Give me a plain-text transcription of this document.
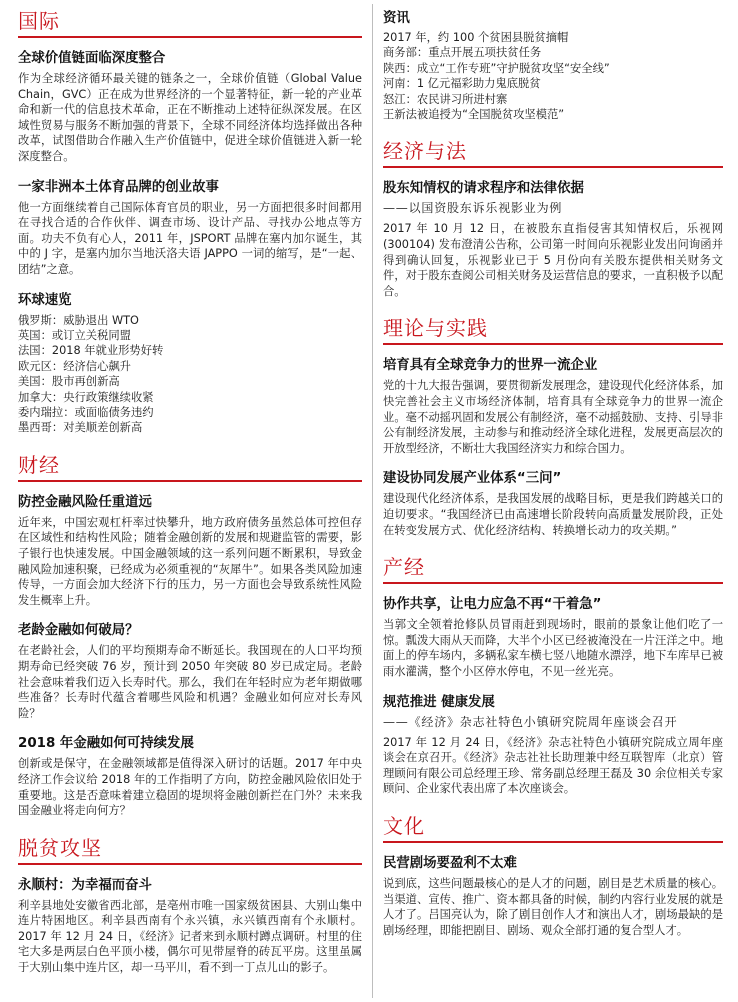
国际
全球价值链面临深度整合
作为全球经济循环最关键的链条之一，全球价值链（Global Value Chain，GVC）正在成为世界经济的一个显著特征，新一轮的产业革命和新一代的信息技术革命，正在不断推动上述特征纵深发展。在区域性贸易与服务不断加强的背景下，全球不同经济体均选择做出各种改革，试图借助合作融入生产价值链中，促进全球价值链进入新一轮深度整合。
一家非洲本土体育品牌的创业故事
他一方面继续着自己国际体育官员的职业，另一方面把很多时间都用在寻找合适的合作伙伴、调查市场、设计产品、寻找办公地点等方面。功夫不负有心人，2011 年，JSPORT 品牌在塞内加尔诞生，其中的 J 字，是塞内加尔当地沃洛夫语 JAPPO 一词的缩写，是“一起、团结”之意。
环球速览
俄罗斯：威胁退出 WTO
英国：或订立关税同盟
法国：2018 年就业形势好转
欧元区：经济信心飙升
美国：股市再创新高
加拿大：央行政策继续收紧
委内瑞拉：或面临债务违约
墨西哥：对美顺差创新高
财经
防控金融风险任重道远
近年来，中国宏观杠杆率过快攀升，地方政府债务虽然总体可控但存在区域性和结构性风险；随着金融创新的发展和规避监管的需要，影子银行也快速发展。中国金融领域的这一系列问题不断累积，导致金融风险加速积聚，已经成为必须重视的“灰犀牛”。如果各类风险加速传导，一方面会加大经济下行的压力，另一方面也会导致系统性风险发生概率上升。
老龄金融如何破局？
在老龄社会，人们的平均预期寿命不断延长。我国现在的人口平均预期寿命已经突破 76 岁，预计到 2050 年突破 80 岁已成定局。老龄社会意味着我们迈入长寿时代。那么，我们在年轻时应为老年期做哪些准备？长寿时代蕴含着哪些风险和机遇？金融业如何应对长寿风险？
2018 年金融如何可持续发展
创新或是保守，在金融领域都是值得深入研讨的话题。2017 年中央经济工作会议给 2018 年的工作指明了方向，防控金融风险依旧处于重要地。这是否意味着建立稳固的堤坝将金融创新拦在门外？未来我国金融业将走向何方？
脱贫攻坚
永顺村：为幸福而奋斗
利辛县地处安徽省西北部，是亳州市唯一国家级贫困县、大别山集中连片特困地区。利辛县西南有个永兴镇，永兴镇西南有个永顺村。2017 年 12 月 24 日，《经济》记者来到永顺村蹲点调研。村里的住宅大多是两层白色平顶小楼，偶尔可见带屋脊的砖瓦平房。这里虽属于大别山集中连片区，却一马平川，看不到一丁点儿山的影子。
资讯
2017 年，约 100 个贫困县脱贫摘帽
商务部：重点开展五项扶贫任务
陕西：成立“工作专班”守护脱贫攻坚“安全线”
河南：1 亿元福彩助力鬼底脱贫
怒江：农民讲习所进村寨
王新法被追授为“全国脱贫攻坚模范”
经济与法
股东知情权的请求程序和法律依据
——以国资股东诉乐视影业为例
2017 年 10 月 12 日，在被股东直指侵害其知情权后，乐视网(300104) 发布澄清公告称，公司第一时间向乐视影业发出问询函并得到确认回复，乐视影业已于 5 月份向有关股东提供相关财务文件，对于股东查阅公司相关财务及运营信息的要求，一直积极予以配合。
理论与实践
培育具有全球竞争力的世界一流企业
党的十九大报告强调，要贯彻新发展理念，建设现代化经济体系，加快完善社会主义市场经济体制，培育具有全球竞争力的世界一流企业。毫不动摇巩固和发展公有制经济，毫不动摇鼓励、支持、引导非公有制经济发展，主动参与和推动经济全球化进程，发展更高层次的开放型经济，不断壮大我国经济实力和综合国力。
建设协同发展产业体系“三问”
建设现代化经济体系，是我国发展的战略目标，更是我们跨越关口的迫切要求。“我国经济已由高速增长阶段转向高质量发展阶段，正处在转变发展方式、优化经济结构、转换增长动力的攻关期。”
产经
协作共享，让电力应急不再“干着急”
当郭文全领着抢修队员冒雨赶到现场时，眼前的景象让他们吃了一惊。瓢泼大雨从天而降，大半个小区已经被淹没在一片汪洋之中。地面上的停车场内，多辆私家车横七竖八地随水漂浮，地下车库早已被雨水灌满，整个小区停水停电，不见一丝光亮。
规范推进 健康发展
——《经济》杂志社特色小镇研究院周年座谈会召开
2017 年 12 月 24 日，《经济》杂志社特色小镇研究院成立周年座谈会在京召开。《经济》杂志社社长助理兼中经互联智库（北京）管理顾问有限公司总经理王珍、常务副总经理王磊及 30 余位相关专家顾问、企业家代表出席了本次座谈会。
文化
民营剧场要盈利不太难
说到底，这些问题最核心的是人才的问题，剧目是艺术质量的核心。当渠道、宣传、推广、资本都具备的时候，制约内容行业发展的就是人才了。吕国亮认为，除了剧目创作人才和演出人才，剧场最缺的是剧场经理，即能把剧目、剧场、观众全部打通的复合型人才。
